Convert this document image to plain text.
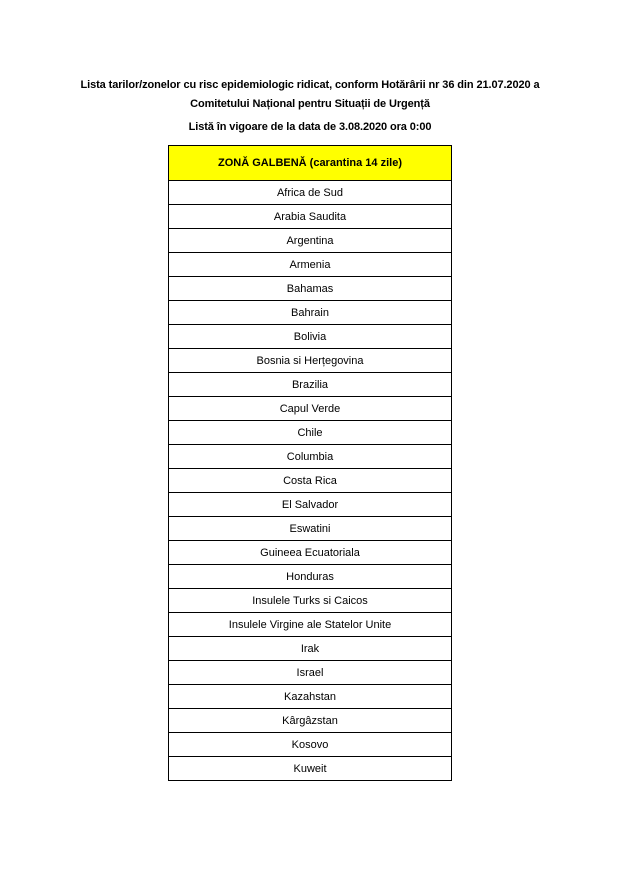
Lista tarilor/zonelor cu risc epidemiologic ridicat, conform Hotărârii nr 36 din 21.07.2020 a
Comitetului Național pentru Situații de Urgență
Listă în vigoare de la data de 3.08.2020 ora 0:00
ZONĂ GALBENĂ (carantina 14 zile)
Africa de Sud
Arabia Saudita
Argentina
Armenia
Bahamas
Bahrain
Bolivia
Bosnia si Herțegovina
Brazilia
Capul Verde
Chile
Columbia
Costa Rica
El Salvador
Eswatini
Guineea Ecuatoriala
Honduras
Insulele Turks si Caicos
Insulele Virgine ale Statelor Unite
Irak
Israel
Kazahstan
Kârgâzstan
Kosovo
Kuweit
